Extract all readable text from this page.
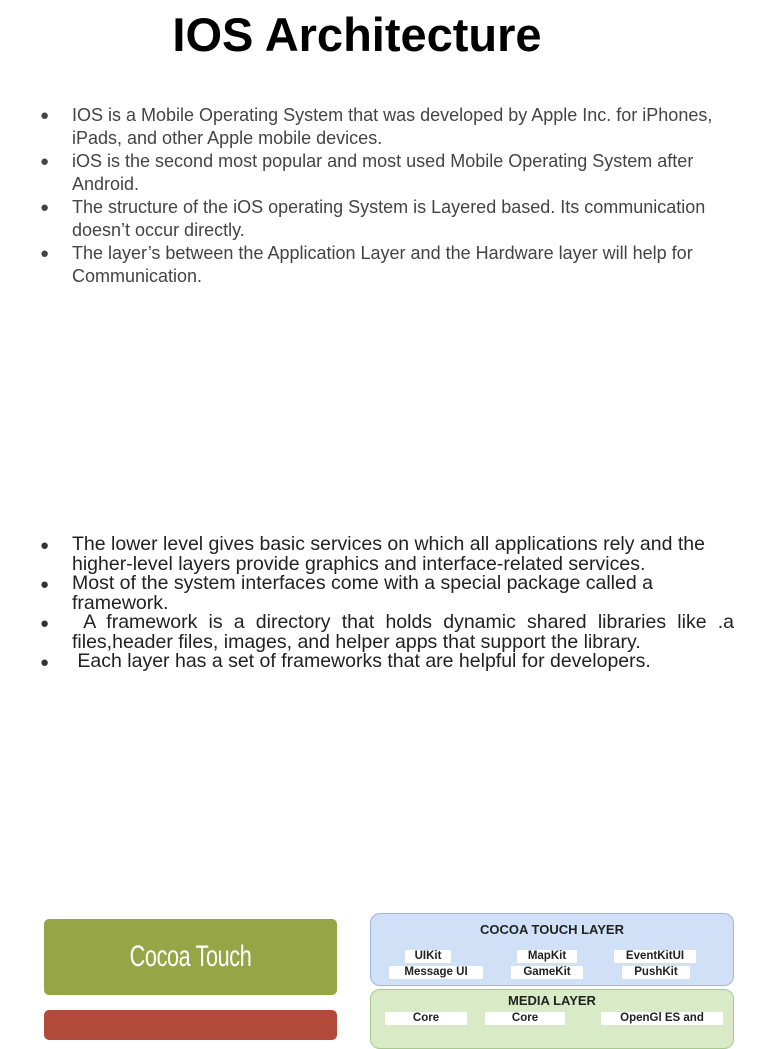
IOS Architecture
● IOS is a Mobile Operating System that was developed by Apple Inc. for iPhones, iPads, and other Apple mobile devices.
● iOS is the second most popular and most used Mobile Operating System after Android.
● The structure of the iOS operating System is Layered based. Its communication doesn’t occur directly.
● The layer’s between the Application Layer and the Hardware layer will help for Communication.
● The lower level gives basic services on which all applications rely and the higher-level layers provide graphics and interface-related services.
● Most of the system interfaces come with a special package called a framework.
● A framework is a directory that holds dynamic shared libraries like .a files,header files, images, and helper apps that support the library.
● Each layer has a set of frameworks that are helpful for developers.
Cocoa Touch
COCOA TOUCH LAYER
UIKit	MapKit	EventKitUI
Message UI	GameKit	PushKit
MEDIA LAYER
Core	Core	OpenGl ES and
